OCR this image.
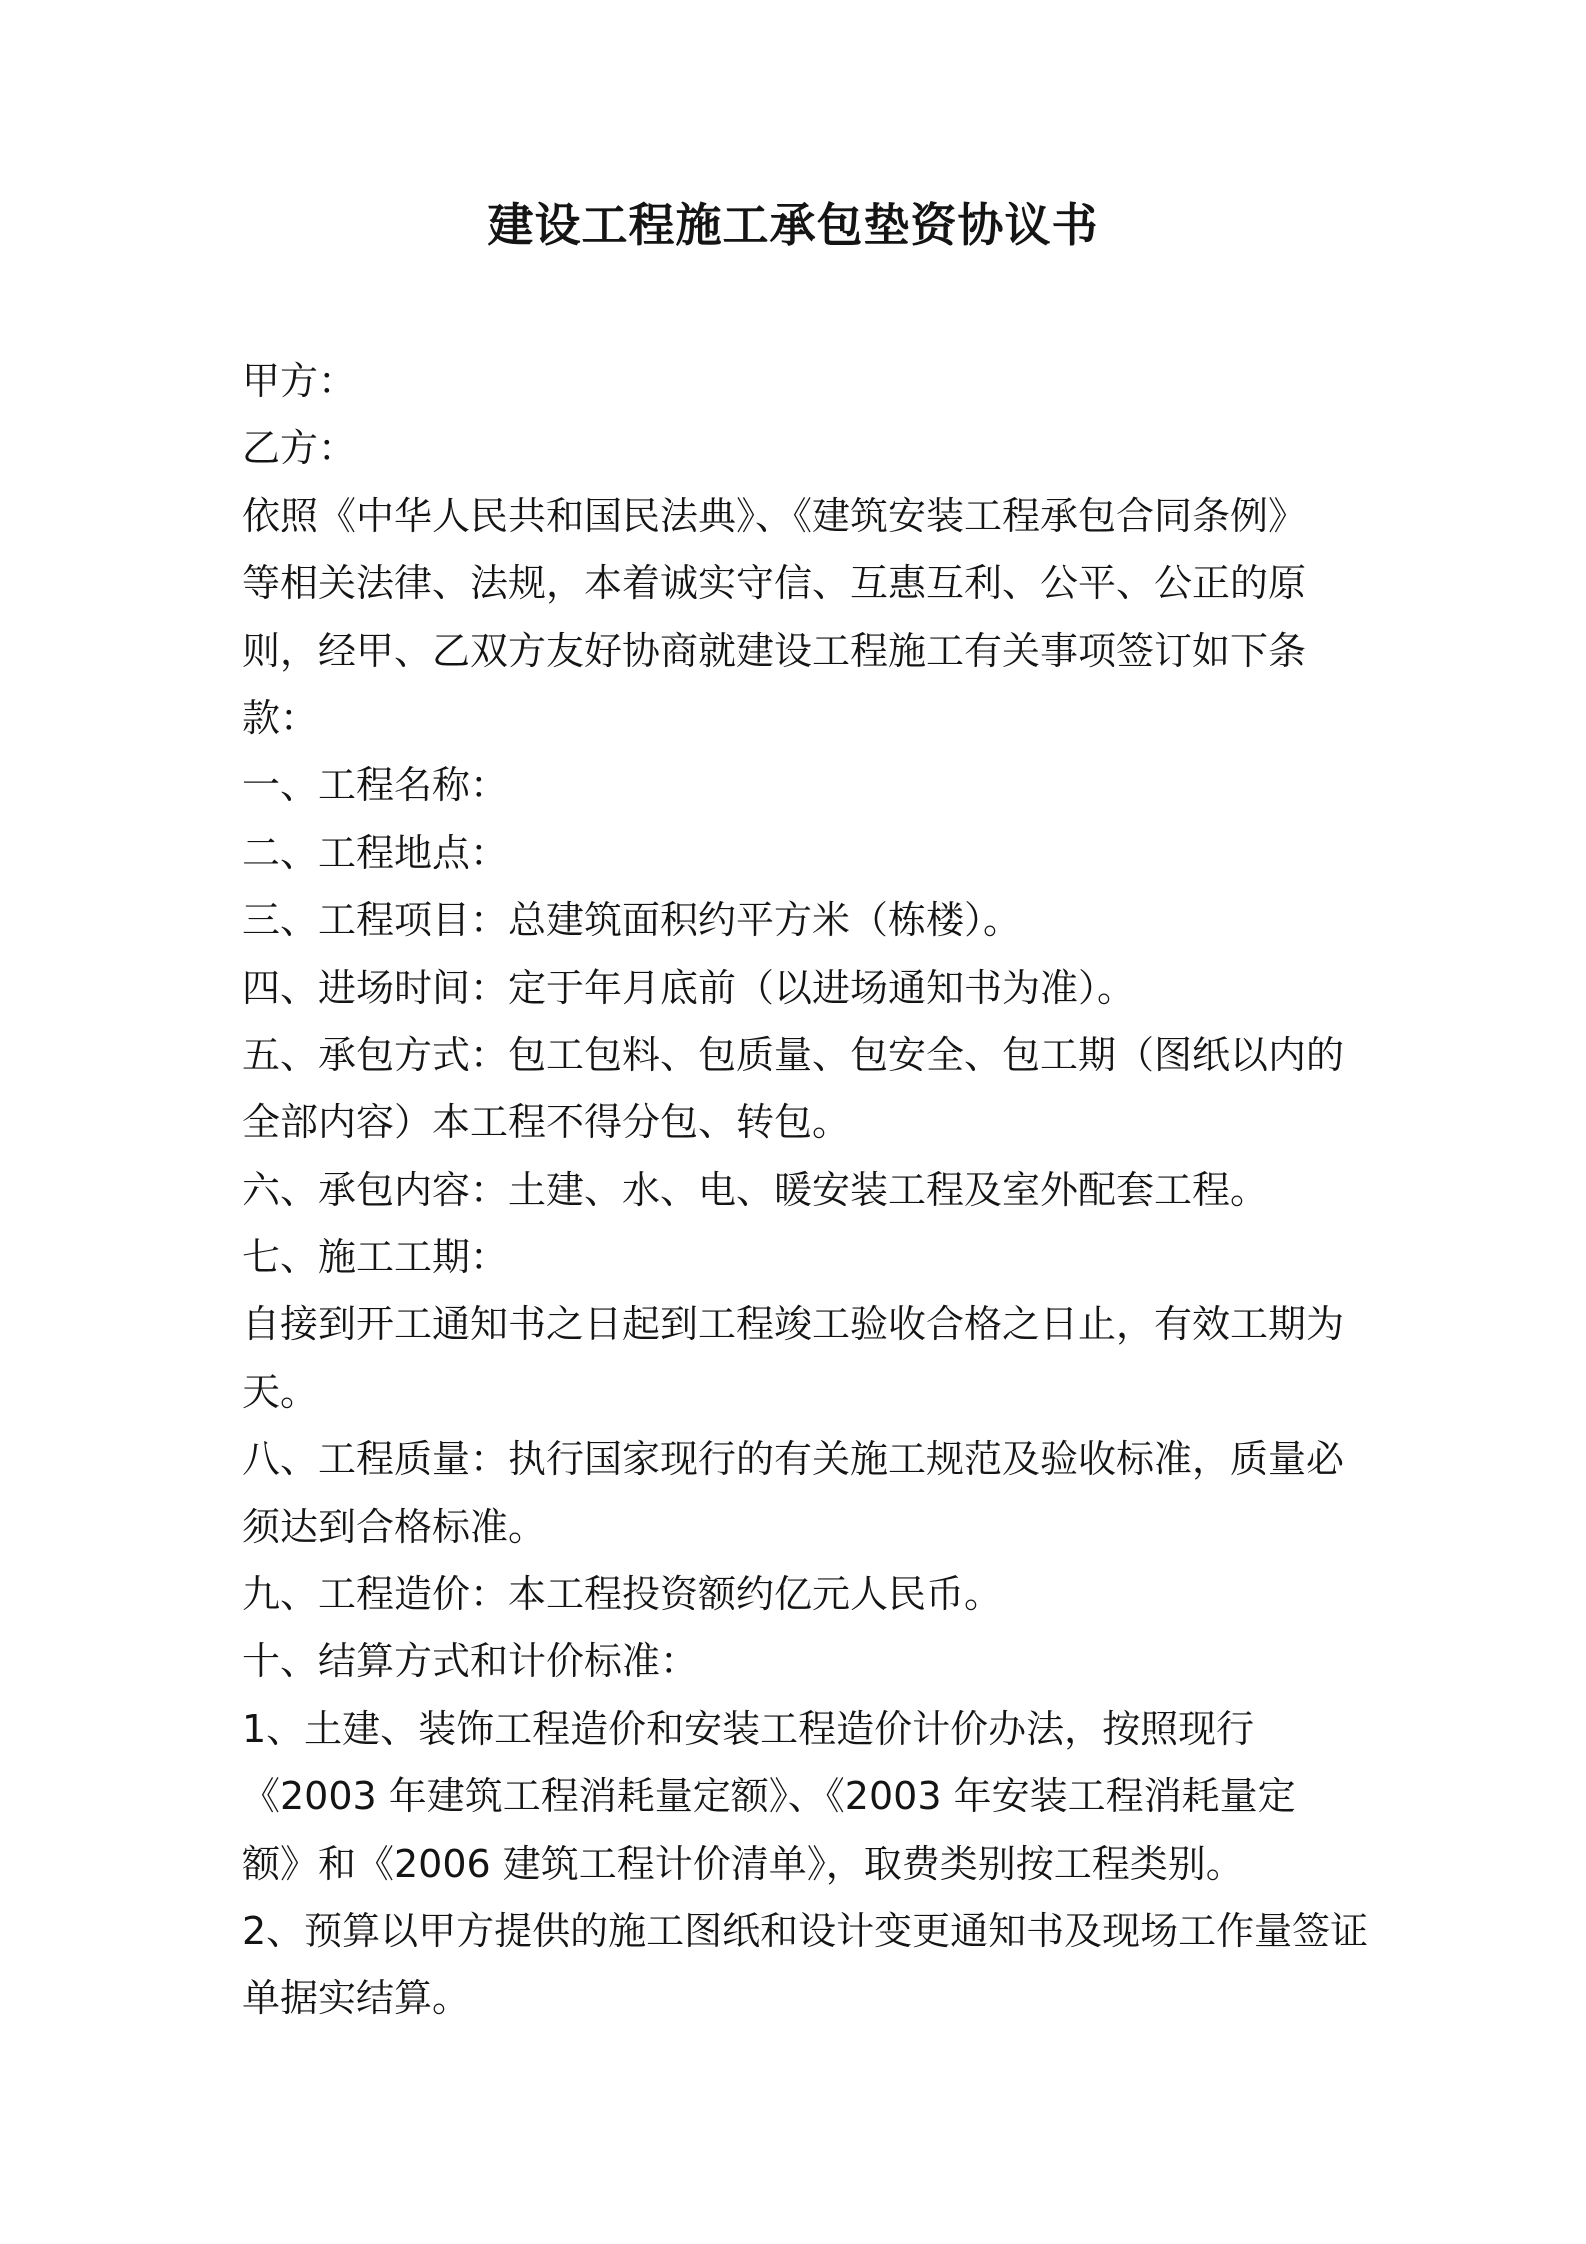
建设工程施工承包垫资协议书
甲方：
乙方：
依照《中华人民共和国民法典》、《建筑安装工程承包合同条例》
等相关法律、法规，本着诚实守信、互惠互利、公平、公正的原
则，经甲、乙双方友好协商就建设工程施工有关事项签订如下条
款：
一、工程名称：
二、工程地点：
三、工程项目：总建筑面积约平方米（栋楼）。
四、进场时间：定于年月底前（以进场通知书为准）。
五、承包方式：包工包料、包质量、包安全、包工期（图纸以内的
全部内容）本工程不得分包、转包。
六、承包内容：土建、水、电、暖安装工程及室外配套工程。
七、施工工期：
自接到开工通知书之日起到工程竣工验收合格之日止，有效工期为
天。
八、工程质量：执行国家现行的有关施工规范及验收标准，质量必
须达到合格标准。
九、工程造价：本工程投资额约亿元人民币。
十、结算方式和计价标准：
1、土建、装饰工程造价和安装工程造价计价办法，按照现行
《2003 年建筑工程消耗量定额》、《2003 年安装工程消耗量定
额》和《2006 建筑工程计价清单》，取费类别按工程类别。
2、预算以甲方提供的施工图纸和设计变更通知书及现场工作量签证
单据实结算。
